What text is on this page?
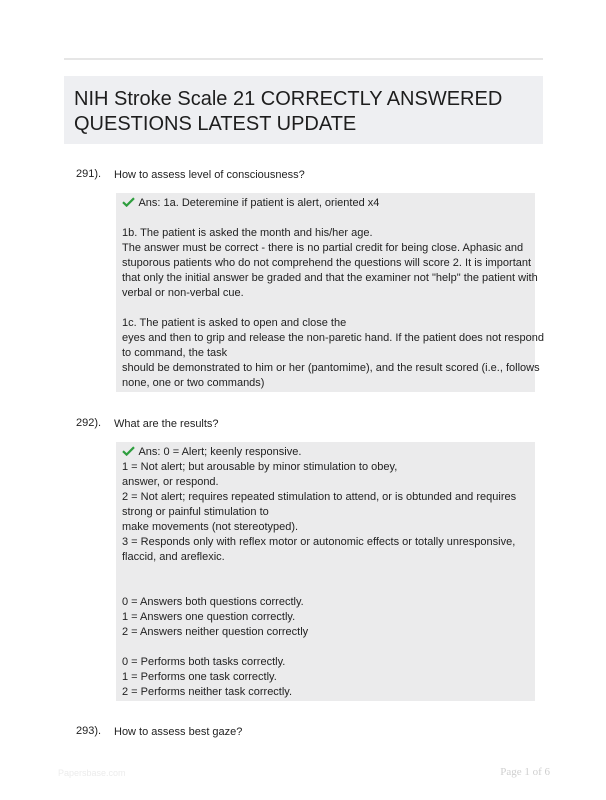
NIH Stroke Scale 21 CORRECTLY ANSWERED
QUESTIONS LATEST UPDATE
291). How to assess level of consciousness?
Ans: 1a. Deteremine if patient is alert, oriented x4
1b. The patient is asked the month and his/her age.
The answer must be correct - there is no partial credit for being close. Aphasic and
stuporous patients who do not comprehend the questions will score 2. It is important
that only the initial answer be graded and that the examiner not "help" the patient with
verbal or non-verbal cue.
1c. The patient is asked to open and close the
eyes and then to grip and release the non-paretic hand. If the patient does not respond
to command, the task
should be demonstrated to him or her (pantomime), and the result scored (i.e., follows
none, one or two commands)
292). What are the results?
Ans: 0 = Alert; keenly responsive.
1 = Not alert; but arousable by minor stimulation to obey,
answer, or respond.
2 = Not alert; requires repeated stimulation to attend, or is obtunded and requires
strong or painful stimulation to
make movements (not stereotyped).
3 = Responds only with reflex motor or autonomic effects or totally unresponsive,
flaccid, and areflexic.
0 = Answers both questions correctly.
1 = Answers one question correctly.
2 = Answers neither question correctly
0 = Performs both tasks correctly.
1 = Performs one task correctly.
2 = Performs neither task correctly.
293). How to assess best gaze?
Papersbase.com	Page 1 of 6
